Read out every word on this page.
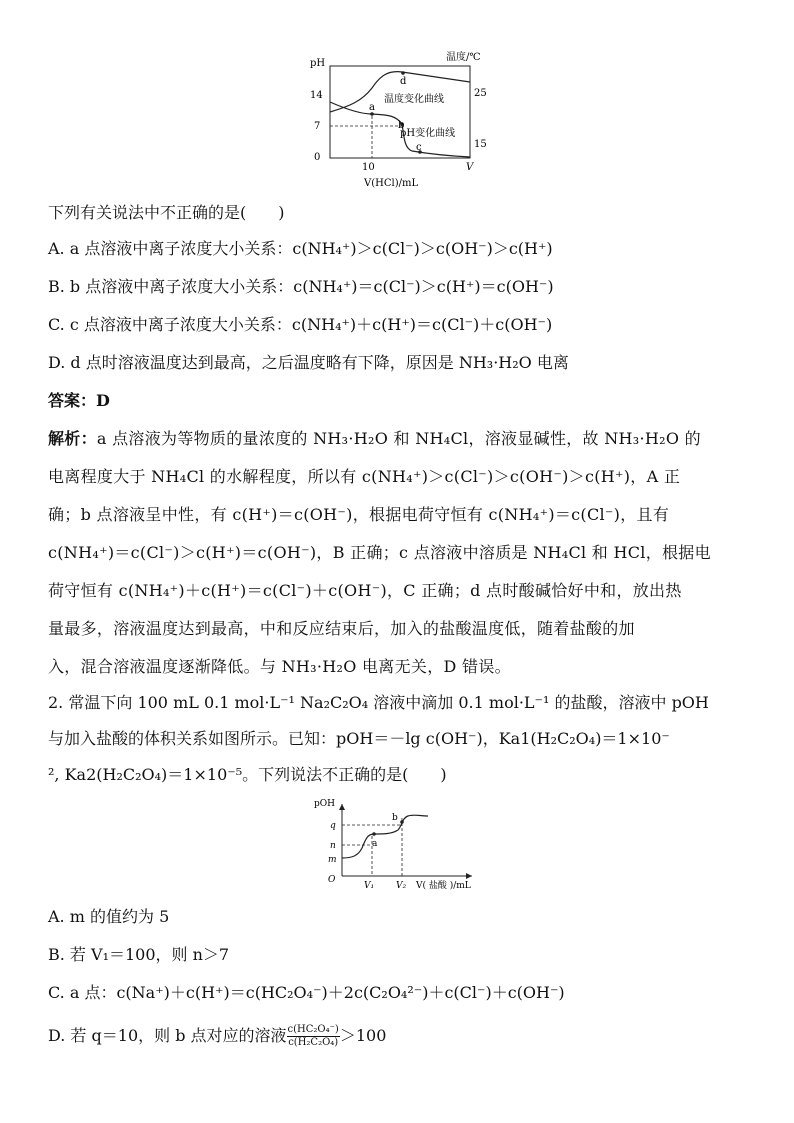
pH
温度/℃
14
7
0
25
15
10	V
V(HCl)/mL
a
b
c
d
温度变化曲线
pH变化曲线
下列有关说法中不正确的是(　　)
A. a 点溶液中离子浓度大小关系：c(NH₄⁺)＞c(Cl⁻)＞c(OH⁻)＞c(H⁺)
B. b 点溶液中离子浓度大小关系：c(NH₄⁺)＝c(Cl⁻)＞c(H⁺)＝c(OH⁻)
C. c 点溶液中离子浓度大小关系：c(NH₄⁺)＋c(H⁺)＝c(Cl⁻)＋c(OH⁻)
D. d 点时溶液温度达到最高，之后温度略有下降，原因是 NH₃·H₂O 电离
答案：D
解析：a 点溶液为等物质的量浓度的 NH₃·H₂O 和 NH₄Cl，溶液显碱性，故 NH₃·H₂O 的
电离程度大于 NH₄Cl 的水解程度，所以有 c(NH₄⁺)＞c(Cl⁻)＞c(OH⁻)＞c(H⁺)，A 正
确；b 点溶液呈中性，有 c(H⁺)＝c(OH⁻)，根据电荷守恒有 c(NH₄⁺)＝c(Cl⁻)，且有
c(NH₄⁺)＝c(Cl⁻)＞c(H⁺)＝c(OH⁻)，B 正确；c 点溶液中溶质是 NH₄Cl 和 HCl，根据电
荷守恒有 c(NH₄⁺)＋c(H⁺)＝c(Cl⁻)＋c(OH⁻)，C 正确；d 点时酸碱恰好中和，放出热
量最多，溶液温度达到最高，中和反应结束后，加入的盐酸温度低，随着盐酸的加
入，混合溶液温度逐渐降低。与 NH₃·H₂O 电离无关，D 错误。
2. 常温下向 100 mL 0.1 mol·L⁻¹ Na₂C₂O₄ 溶液中滴加 0.1 mol·L⁻¹ 的盐酸，溶液中 pOH
与加入盐酸的体积关系如图所示。已知：pOH＝－lg c(OH⁻)，Ka1(H₂C₂O₄)＝1×10⁻
², Ka2(H₂C₂O₄)＝1×10⁻⁵。下列说法不正确的是(　　)
pOH
q
n
m
O
V₁ V₂ V( 盐酸 )/mL
a
b
A. m 的值约为 5
B. 若 V₁＝100，则 n＞7
C. a 点：c(Na⁺)＋c(H⁺)＝c(HC₂O₄⁻)＋2c(C₂O₄²⁻)＋c(Cl⁻)＋c(OH⁻)
D. 若 q＝10，则 b 点对应的溶液 $\frac{\text{c(HC₂O₄⁻)}}{\text{c(H₂C₂O₄)}} >100$
